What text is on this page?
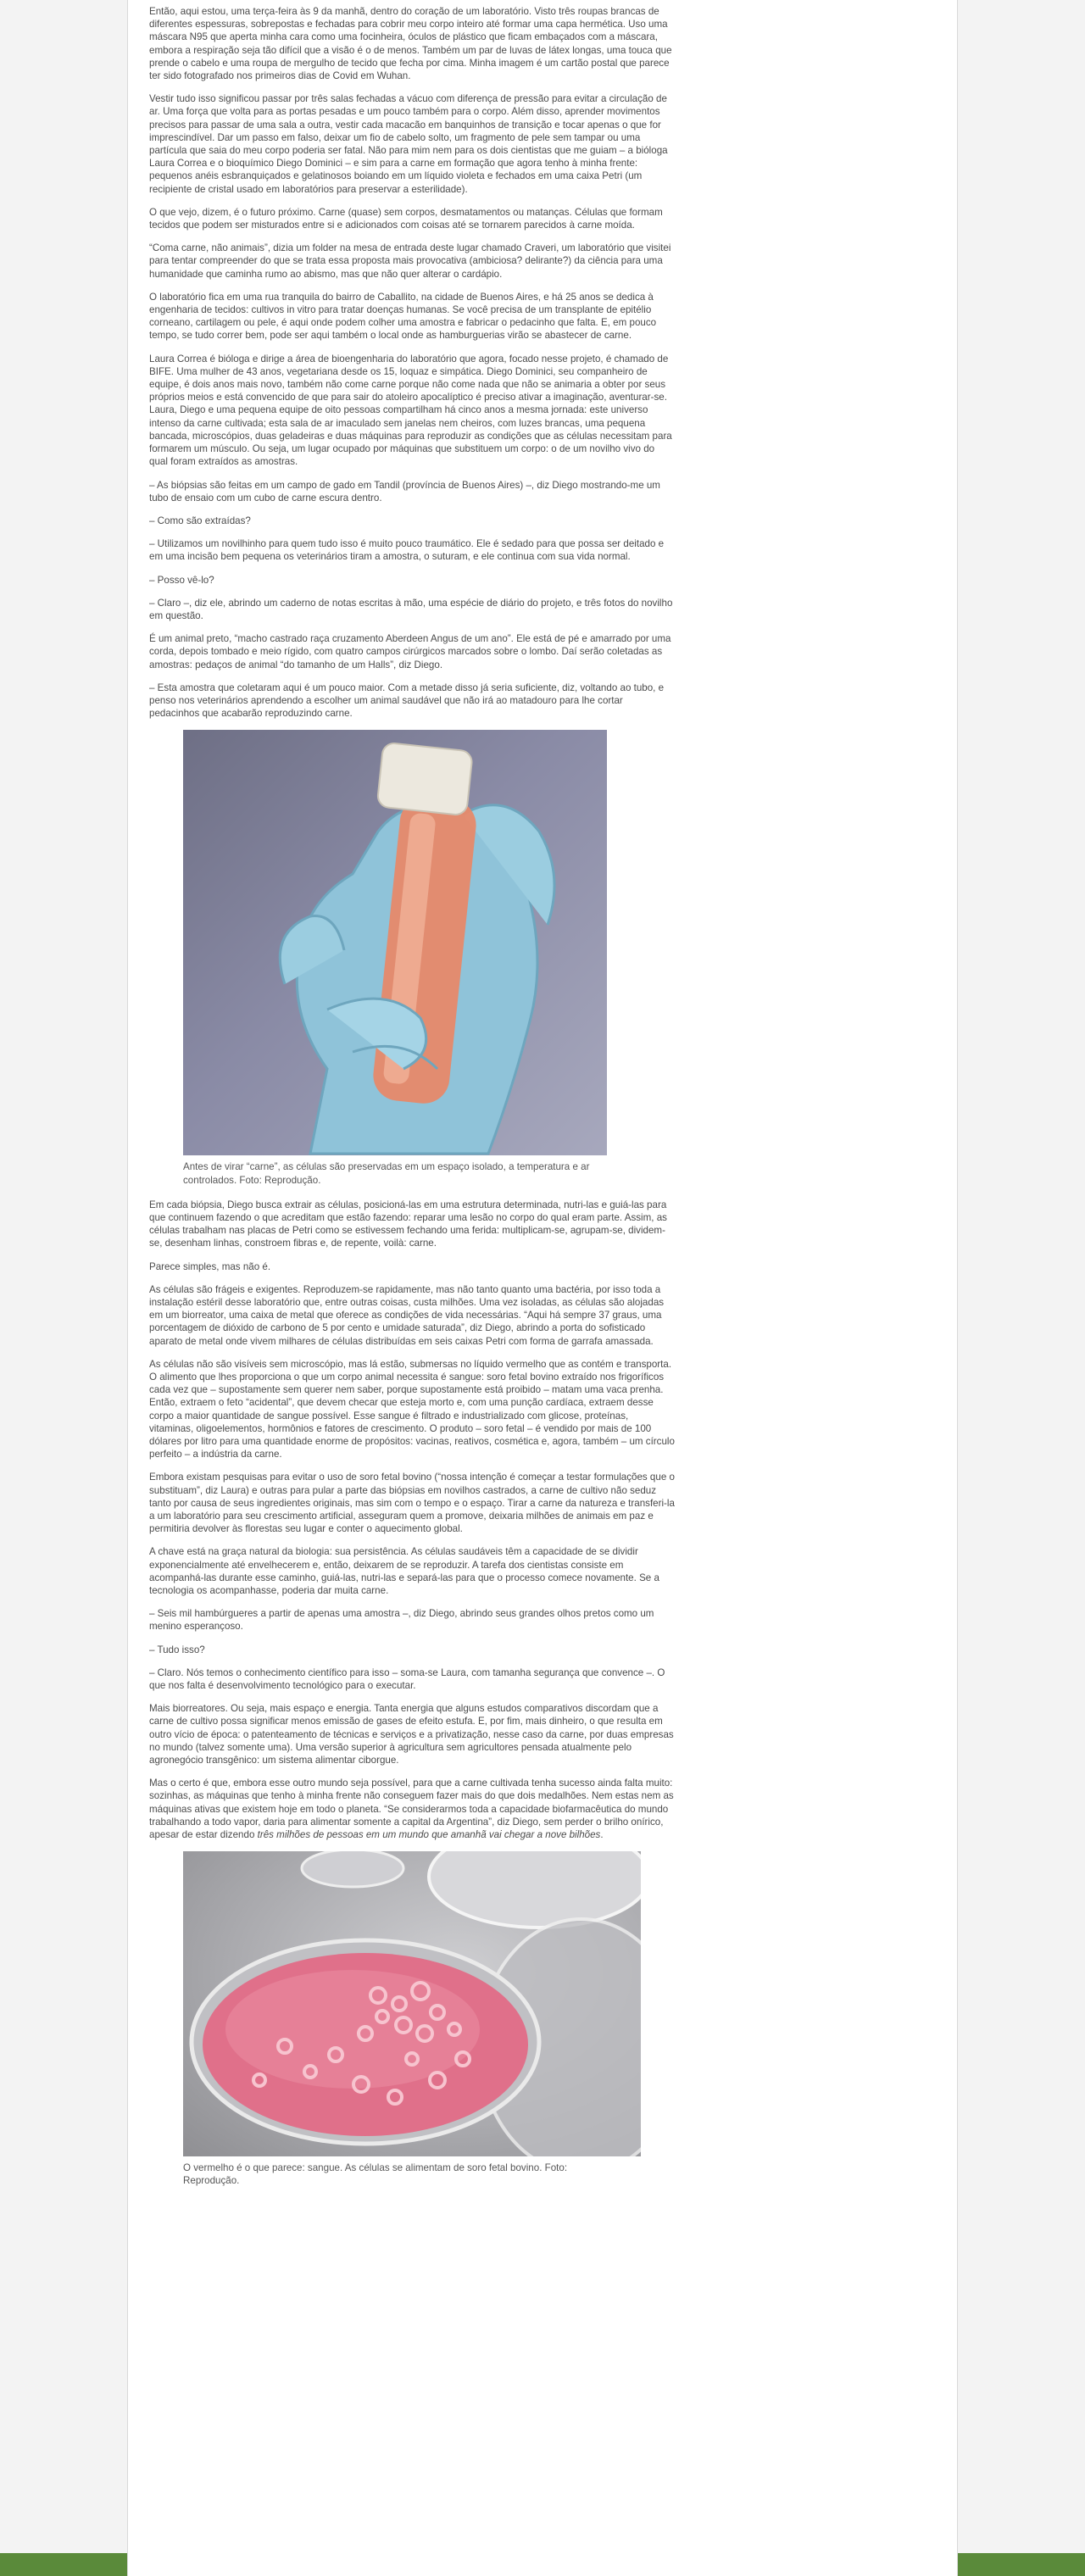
Então, aqui estou, uma terça-feira às 9 da manhã, dentro do coração de um laboratório. Visto três roupas brancas de diferentes espessuras, sobrepostas e fechadas para cobrir meu corpo inteiro até formar uma capa hermética. Uso uma máscara N95 que aperta minha cara como uma focinheira, óculos de plástico que ficam embaçados com a máscara, embora a respiração seja tão difícil que a visão é o de menos. Também um par de luvas de látex longas, uma touca que prende o cabelo e uma roupa de mergulho de tecido que fecha por cima. Minha imagem é um cartão postal que parece ter sido fotografado nos primeiros dias de Covid em Wuhan.

Vestir tudo isso significou passar por três salas fechadas a vácuo com diferença de pressão para evitar a circulação de ar. Uma força que volta para as portas pesadas e um pouco também para o corpo. Além disso, aprender movimentos precisos para passar de uma sala a outra, vestir cada macacão em banquinhos de transição e tocar apenas o que for imprescindível. Dar um passo em falso, deixar um fio de cabelo solto, um fragmento de pele sem tampar ou uma partícula que saia do meu corpo poderia ser fatal. Não para mim nem para os dois cientistas que me guiam – a bióloga Laura Correa e o bioquímico Diego Dominici – e sim para a carne em formação que agora tenho à minha frente: pequenos anéis esbranquiçados e gelatinosos boiando em um líquido violeta e fechados em uma caixa Petri (um recipiente de cristal usado em laboratórios para preservar a esterilidade).

O que vejo, dizem, é o futuro próximo. Carne (quase) sem corpos, desmatamentos ou matanças. Células que formam tecidos que podem ser misturados entre si e adicionados com coisas até se tornarem parecidos à carne moída.

“Coma carne, não animais”, dizia um folder na mesa de entrada deste lugar chamado Craveri, um laboratório que visitei para tentar compreender do que se trata essa proposta mais provocativa (ambiciosa? delirante?) da ciência para uma humanidade que caminha rumo ao abismo, mas que não quer alterar o cardápio.

O laboratório fica em uma rua tranquila do bairro de Caballito, na cidade de Buenos Aires, e há 25 anos se dedica à engenharia de tecidos: cultivos in vitro para tratar doenças humanas. Se você precisa de um transplante de epitélio corneano, cartilagem ou pele, é aqui onde podem colher uma amostra e fabricar o pedacinho que falta. E, em pouco tempo, se tudo correr bem, pode ser aqui também o local onde as hamburguerias virão se abastecer de carne.

Laura Correa é bióloga e dirige a área de bioengenharia do laboratório que agora, focado nesse projeto, é chamado de BIFE. Uma mulher de 43 anos, vegetariana desde os 15, loquaz e simpática. Diego Dominici, seu companheiro de equipe, é dois anos mais novo, também não come carne porque não come nada que não se animaria a obter por seus próprios meios e está convencido de que para sair do atoleiro apocalíptico é preciso ativar a imaginação, aventurar-se. Laura, Diego e uma pequena equipe de oito pessoas compartilham há cinco anos a mesma jornada: este universo intenso da carne cultivada; esta sala de ar imaculado sem janelas nem cheiros, com luzes brancas, uma pequena bancada, microscópios, duas geladeiras e duas máquinas para reproduzir as condições que as células necessitam para formarem um músculo. Ou seja, um lugar ocupado por máquinas que substituem um corpo: o de um novilho vivo do qual foram extraídos as amostras.

– As biópsias são feitas em um campo de gado em Tandil (província de Buenos Aires) –, diz Diego mostrando-me um tubo de ensaio com um cubo de carne escura dentro.

– Como são extraídas?

– Utilizamos um novilhinho para quem tudo isso é muito pouco traumático. Ele é sedado para que possa ser deitado e em uma incisão bem pequena os veterinários tiram a amostra, o suturam, e ele continua com sua vida normal.

– Posso vê-lo?

– Claro –, diz ele, abrindo um caderno de notas escritas à mão, uma espécie de diário do projeto, e três fotos do novilho em questão.

É um animal preto, “macho castrado raça cruzamento Aberdeen Angus de um ano”. Ele está de pé e amarrado por uma corda, depois tombado e meio rígido, com quatro campos cirúrgicos marcados sobre o lombo. Daí serão coletadas as amostras: pedaços de animal “do tamanho de um Halls”, diz Diego.

– Esta amostra que coletaram aqui é um pouco maior. Com a metade disso já seria suficiente, diz, voltando ao tubo, e penso nos veterinários aprendendo a escolher um animal saudável que não irá ao matadouro para lhe cortar pedacinhos que acabarão reproduzindo carne.

Antes de virar “carne”, as células são preservadas em um espaço isolado, a temperatura e ar controlados. Foto: Reprodução.

Em cada biópsia, Diego busca extrair as células, posicioná-las em uma estrutura determinada, nutri-las e guiá-las para que continuem fazendo o que acreditam que estão fazendo: reparar uma lesão no corpo do qual eram parte. Assim, as células trabalham nas placas de Petri como se estivessem fechando uma ferida: multiplicam-se, agrupam-se, dividem-se, desenham linhas, constroem fibras e, de repente, voilà: carne.

Parece simples, mas não é.

As células são frágeis e exigentes. Reproduzem-se rapidamente, mas não tanto quanto uma bactéria, por isso toda a instalação estéril desse laboratório que, entre outras coisas, custa milhões. Uma vez isoladas, as células são alojadas em um biorreator, uma caixa de metal que oferece as condições de vida necessárias. “Aqui há sempre 37 graus, uma porcentagem de dióxido de carbono de 5 por cento e umidade saturada”, diz Diego, abrindo a porta do sofisticado aparato de metal onde vivem milhares de células distribuídas em seis caixas Petri com forma de garrafa amassada.

As células não são visíveis sem microscópio, mas lá estão, submersas no líquido vermelho que as contém e transporta. O alimento que lhes proporciona o que um corpo animal necessita é sangue: soro fetal bovino extraído nos frigoríficos cada vez que – supostamente sem querer nem saber, porque supostamente está proibido – matam uma vaca prenha. Então, extraem o feto “acidental”, que devem checar que esteja morto e, com uma punção cardíaca, extraem desse corpo a maior quantidade de sangue possível. Esse sangue é filtrado e industrializado com glicose, proteínas, vitaminas, oligoelementos, hormônios e fatores de crescimento. O produto – soro fetal – é vendido por mais de 100 dólares por litro para uma quantidade enorme de propósitos: vacinas, reativos, cosmética e, agora, também – um círculo perfeito – a indústria da carne.

Embora existam pesquisas para evitar o uso de soro fetal bovino (“nossa intenção é começar a testar formulações que o substituam”, diz Laura) e outras para pular a parte das biópsias em novilhos castrados, a carne de cultivo não seduz tanto por causa de seus ingredientes originais, mas sim com o tempo e o espaço. Tirar a carne da natureza e transferi-la a um laboratório para seu crescimento artificial, asseguram quem a promove, deixaria milhões de animais em paz e permitiria devolver às florestas seu lugar e conter o aquecimento global.

A chave está na graça natural da biologia: sua persistência. As células saudáveis têm a capacidade de se dividir exponencialmente até envelhecerem e, então, deixarem de se reproduzir. A tarefa dos cientistas consiste em acompanhá-las durante esse caminho, guiá-las, nutri-las e separá-las para que o processo comece novamente. Se a tecnologia os acompanhasse, poderia dar muita carne.

– Seis mil hambúrgueres a partir de apenas uma amostra –, diz Diego, abrindo seus grandes olhos pretos como um menino esperançoso.

– Tudo isso?

– Claro. Nós temos o conhecimento científico para isso – soma-se Laura, com tamanha segurança que convence –. O que nos falta é desenvolvimento tecnológico para o executar.

Mais biorreatores. Ou seja, mais espaço e energia. Tanta energia que alguns estudos comparativos discordam que a carne de cultivo possa significar menos emissão de gases de efeito estufa. E, por fim, mais dinheiro, o que resulta em outro vício de época: o patenteamento de técnicas e serviços e a privatização, nesse caso da carne, por duas empresas no mundo (talvez somente uma). Uma versão superior à agricultura sem agricultores pensada atualmente pelo agronegócio transgênico: um sistema alimentar ciborgue.

Mas o certo é que, embora esse outro mundo seja possível, para que a carne cultivada tenha sucesso ainda falta muito: sozinhas, as máquinas que tenho à minha frente não conseguem fazer mais do que dois medalhões. Nem estas nem as máquinas ativas que existem hoje em todo o planeta. “Se considerarmos toda a capacidade biofarmacêutica do mundo trabalhando a todo vapor, daria para alimentar somente a capital da Argentina”, diz Diego, sem perder o brilho onírico, apesar de estar dizendo três milhões de pessoas em um mundo que amanhã vai chegar a nove bilhões.

O vermelho é o que parece: sangue. As células se alimentam de soro fetal bovino. Foto: Reprodução.
